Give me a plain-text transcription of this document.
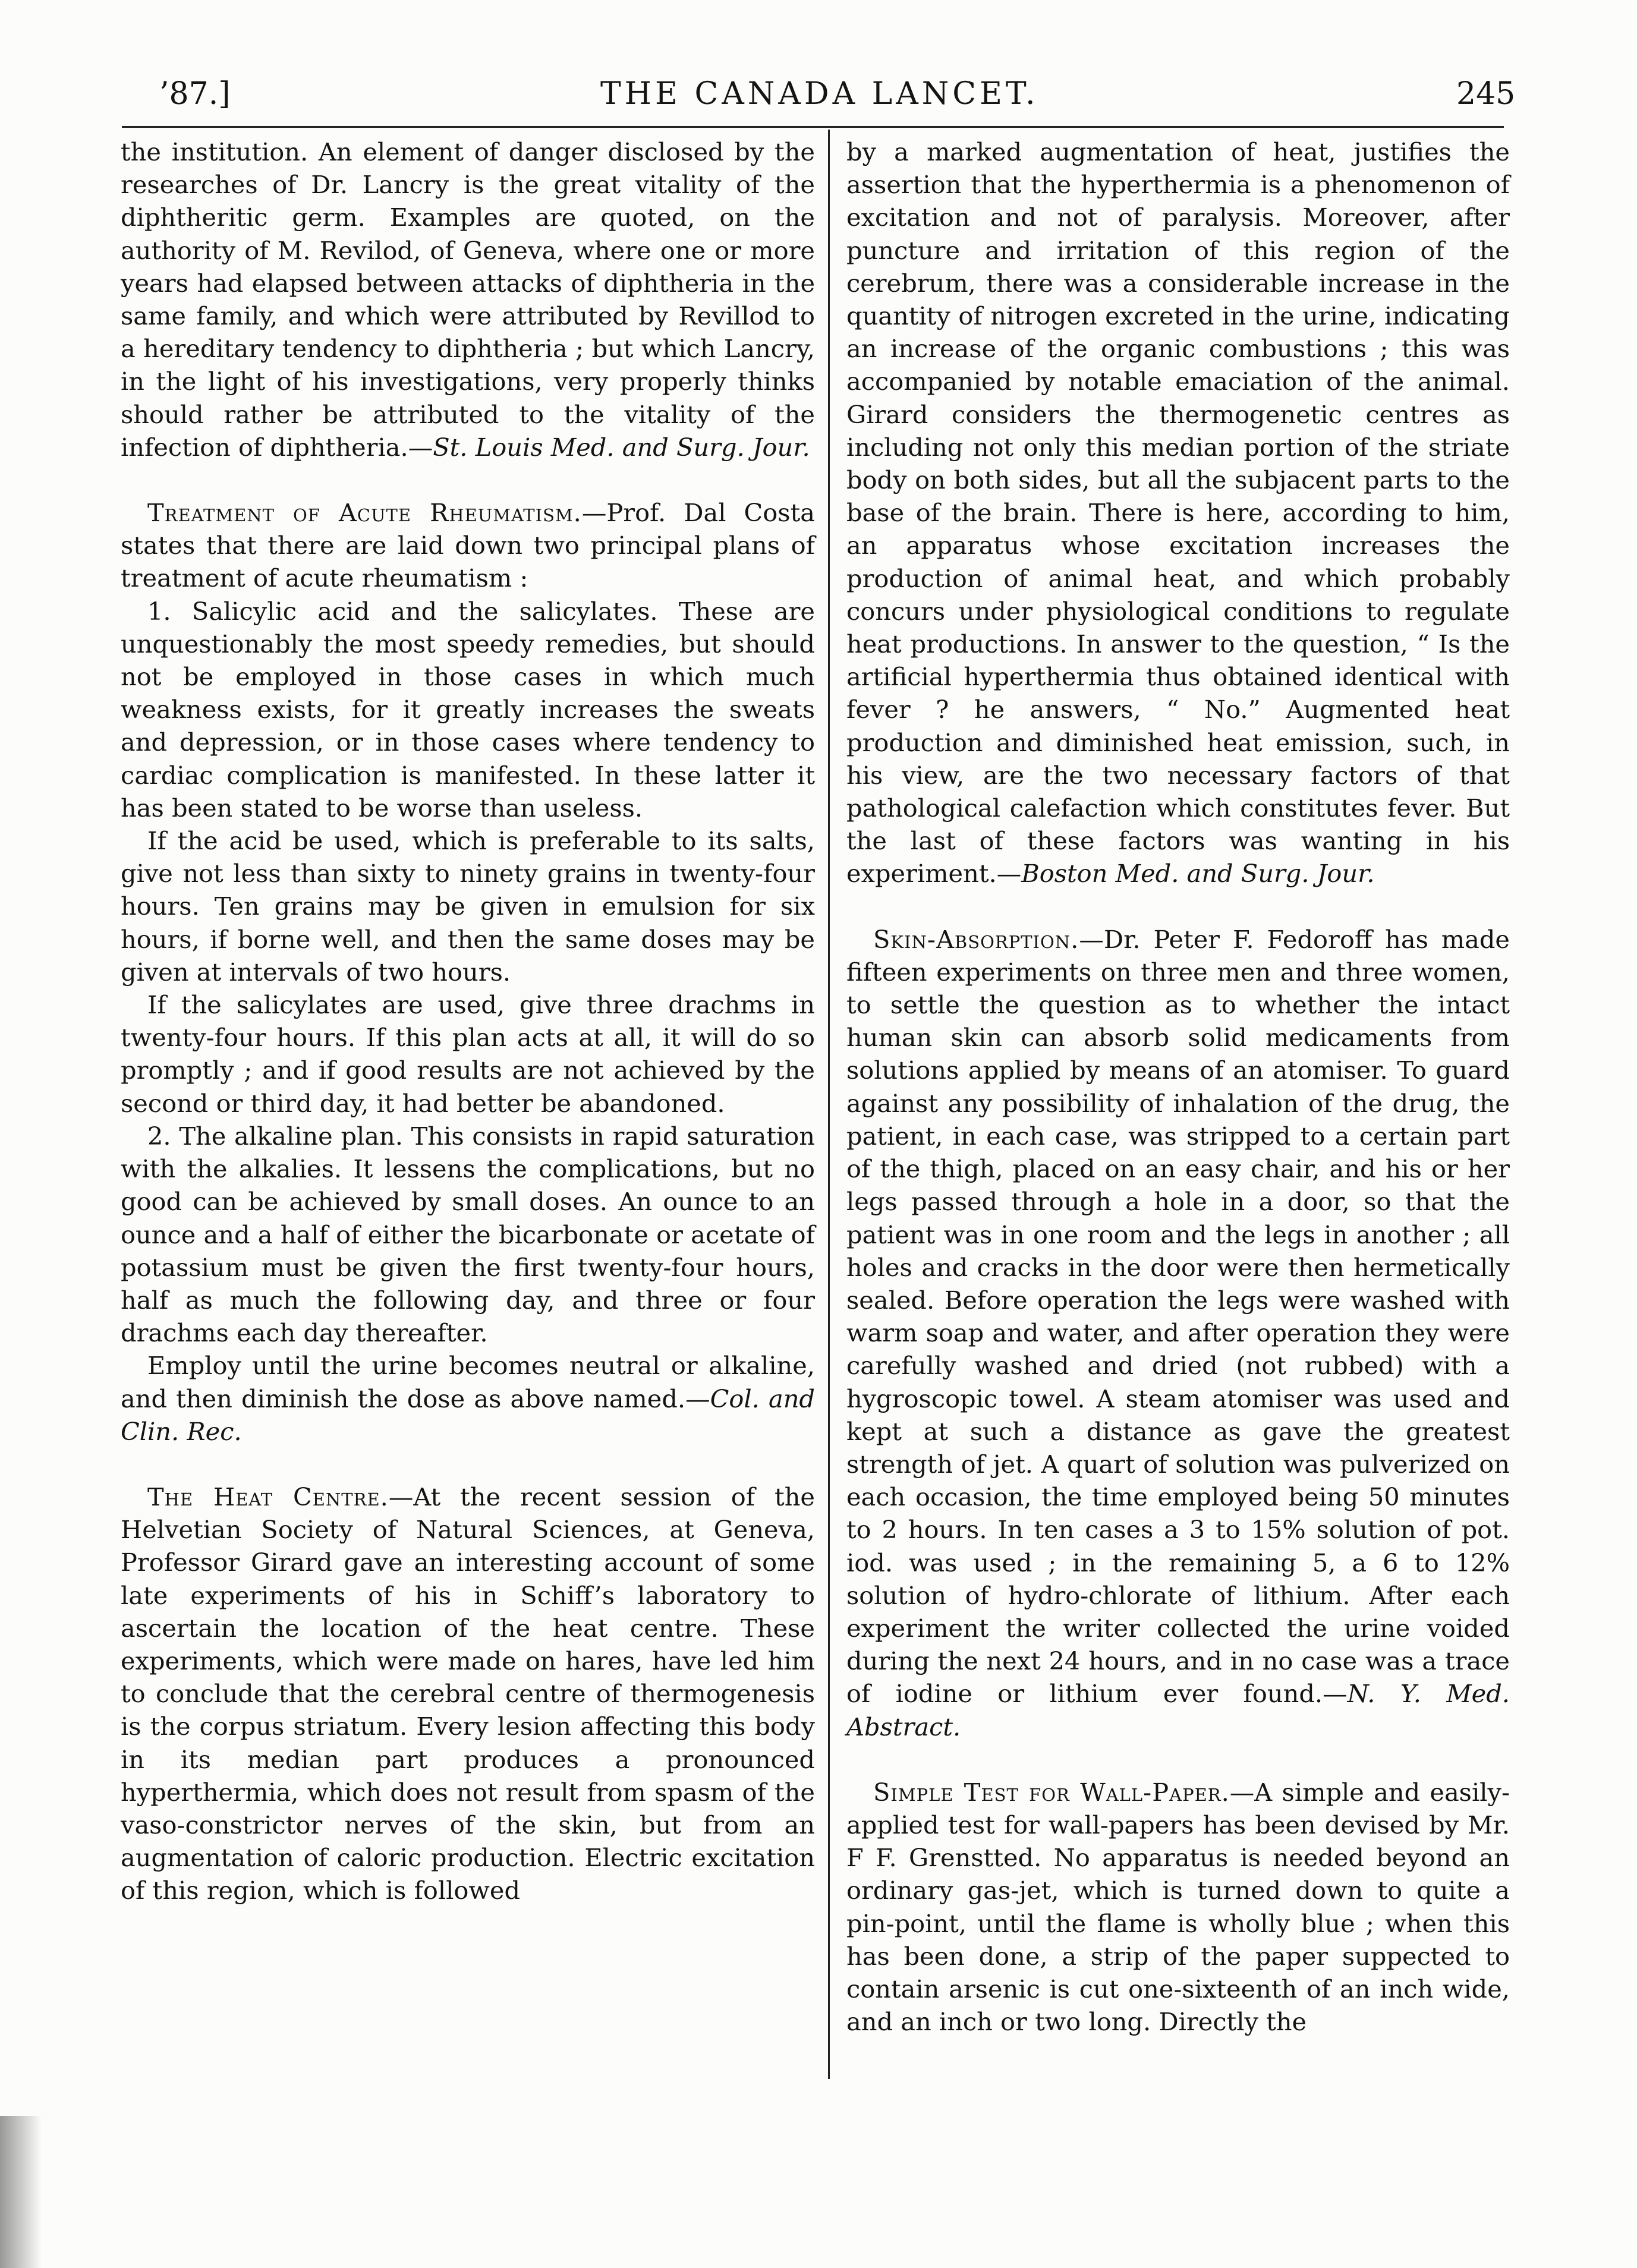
’87.]	THE CANADA LANCET.	245

the institution. An element of danger disclosed by the researches of Dr. Lancry is the great vitality of the diphtheritic germ. Examples are quoted, on the authority of M. Revilod, of Geneva, where one or more years had elapsed between attacks of diphtheria in the same family, and which were attributed by Revillod to a hereditary tendency to diphtheria ; but which Lancry, in the light of his investigations, very properly thinks should rather be attributed to the vitality of the infection of diphtheria.—St. Louis Med. and Surg. Jour.

Treatment of Acute Rheumatism.—Prof. Dal Costa states that there are laid down two principal plans of treatment of acute rheumatism :

1. Salicylic acid and the salicylates. These are unquestionably the most speedy remedies, but should not be employed in those cases in which much weakness exists, for it greatly increases the sweats and depression, or in those cases where tendency to cardiac complication is manifested. In these latter it has been stated to be worse than useless.

If the acid be used, which is preferable to its salts, give not less than sixty to ninety grains in twenty-four hours. Ten grains may be given in emulsion for six hours, if borne well, and then the same doses may be given at intervals of two hours.

If the salicylates are used, give three drachms in twenty-four hours. If this plan acts at all, it will do so promptly ; and if good results are not achieved by the second or third day, it had better be abandoned.

2. The alkaline plan. This consists in rapid saturation with the alkalies. It lessens the complications, but no good can be achieved by small doses. An ounce to an ounce and a half of either the bicarbonate or acetate of potassium must be given the first twenty-four hours, half as much the following day, and three or four drachms each day thereafter.

Employ until the urine becomes neutral or alkaline, and then diminish the dose as above named.—Col. and Clin. Rec.

The Heat Centre.—At the recent session of the Helvetian Society of Natural Sciences, at Geneva, Professor Girard gave an interesting account of some late experiments of his in Schiff’s laboratory to ascertain the location of the heat centre. These experiments, which were made on hares, have led him to conclude that the cerebral centre of thermogenesis is the corpus striatum. Every lesion affecting this body in its median part produces a pronounced hyperthermia, which does not result from spasm of the vaso-constrictor nerves of the skin, but from an augmentation of caloric production. Electric excitation of this region, which is followed

by a marked augmentation of heat, justifies the assertion that the hyperthermia is a phenomenon of excitation and not of paralysis. Moreover, after puncture and irritation of this region of the cerebrum, there was a considerable increase in the quantity of nitrogen excreted in the urine, indicating an increase of the organic combustions ; this was accompanied by notable emaciation of the animal. Girard considers the thermogenetic centres as including not only this median portion of the striate body on both sides, but all the subjacent parts to the base of the brain. There is here, according to him, an apparatus whose excitation increases the production of animal heat, and which probably concurs under physiological conditions to regulate heat productions. In answer to the question, “ Is the artificial hyperthermia thus obtained identical with fever ? he answers, “ No.” Augmented heat production and diminished heat emission, such, in his view, are the two necessary factors of that pathological calefaction which constitutes fever. But the last of these factors was wanting in his experiment.—Boston Med. and Surg. Jour.

Skin-Absorption.—Dr. Peter F. Fedoroff has made fifteen experiments on three men and three women, to settle the question as to whether the intact human skin can absorb solid medicaments from solutions applied by means of an atomiser. To guard against any possibility of inhalation of the drug, the patient, in each case, was stripped to a certain part of the thigh, placed on an easy chair, and his or her legs passed through a hole in a door, so that the patient was in one room and the legs in another ; all holes and cracks in the door were then hermetically sealed. Before operation the legs were washed with warm soap and water, and after operation they were carefully washed and dried (not rubbed) with a hygroscopic towel. A steam atomiser was used and kept at such a distance as gave the greatest strength of jet. A quart of solution was pulverized on each occasion, the time employed being 50 minutes to 2 hours. In ten cases a 3 to 15% solution of pot. iod. was used ; in the remaining 5, a 6 to 12% solution of hydro-chlorate of lithium. After each experiment the writer collected the urine voided during the next 24 hours, and in no case was a trace of iodine or lithium ever found.—N. Y. Med. Abstract.

Simple Test for Wall-Paper.—A simple and easily-applied test for wall-papers has been devised by Mr. F F. Grenstted. No apparatus is needed beyond an ordinary gas-jet, which is turned down to quite a pin-point, until the flame is wholly blue ; when this has been done, a strip of the paper suppected to contain arsenic is cut one-sixteenth of an inch wide, and an inch or two long. Directly the
